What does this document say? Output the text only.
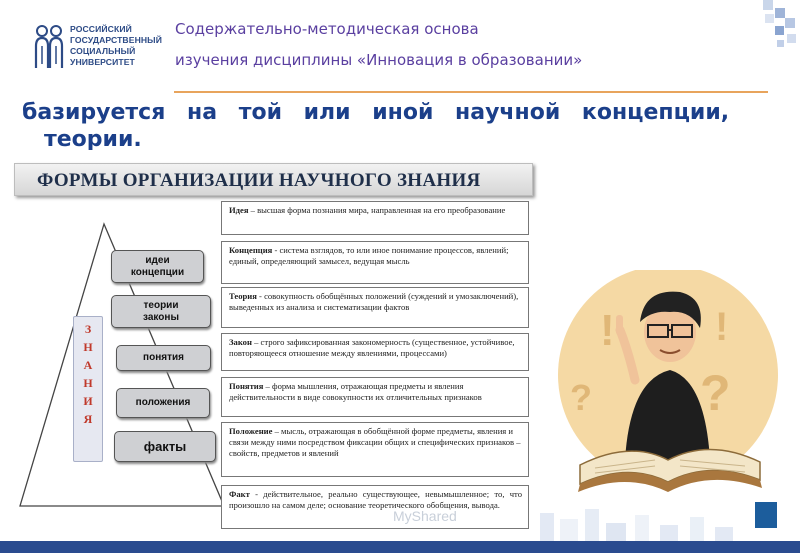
РОССИЙСКИЙ
ГОСУДАРСТВЕННЫЙ
СОЦИАЛЬНЫЙ
УНИВЕРСИТЕТ
Содержательно-методическая основа
изучения дисциплины «Инновация в образовании»
базируется на той или иной научной концепции,
теории.
ФОРМЫ ОРГАНИЗАЦИИ НАУЧНОГО ЗНАНИЯ
З
Н
А
Н
И
Я
идеи
концепции
теории
законы
понятия
положения
факты
Идея – высшая форма познания мира, направленная на его преобразование
Концепция - система взглядов, то или иное понимание процессов, явлений; единый, определяющий замысел, ведущая мысль
Теория - совокупность обобщённых положений (суждений и умозаключений), выведенных из анализа и систематизации фактов
Закон – строго зафиксированная закономерность (существенное, устойчивое, повторяющееся отношение между явлениями, процессами)
Понятия – форма мышления, отражающая предметы и явления действительности в виде совокупности их отличительных признаков
Положение – мысль, отражающая в обобщённой форме предметы, явления и связи между ними посредством фиксации общих и специфических признаков – свойств, предметов и явлений
Факт - действительное, реально существующее, невымышленное; то, что произошло на самом деле; основание теоретического обобщения, вывода.
MyShared
!	!
?
?
